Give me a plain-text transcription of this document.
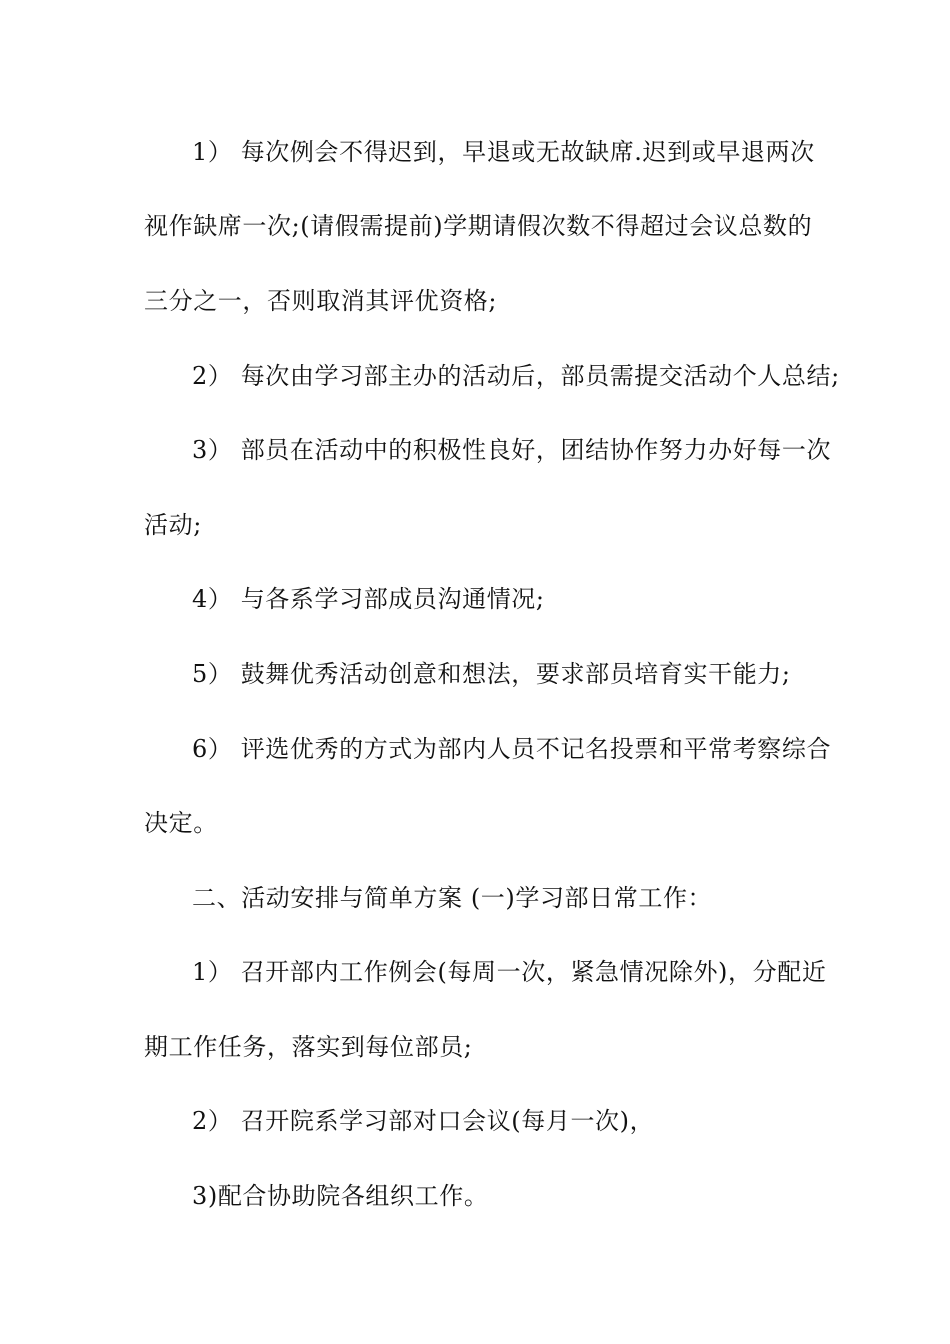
1） 每次例会不得迟到，早退或无故缺席.迟到或早退两次
视作缺席一次;(请假需提前)学期请假次数不得超过会议总数的
三分之一，否则取消其评优资格;
2） 每次由学习部主办的活动后，部员需提交活动个人总结;
3） 部员在活动中的积极性良好，团结协作努力办好每一次
活动;
4） 与各系学习部成员沟通情况;
5） 鼓舞优秀活动创意和想法，要求部员培育实干能力;
6） 评选优秀的方式为部内人员不记名投票和平常考察综合
决定。
二、活动安排与简单方案 (一)学习部日常工作：
1） 召开部内工作例会(每周一次，紧急情况除外)，分配近
期工作任务，落实到每位部员;
2） 召开院系学习部对口会议(每月一次)，
3)配合协助院各组织工作。
